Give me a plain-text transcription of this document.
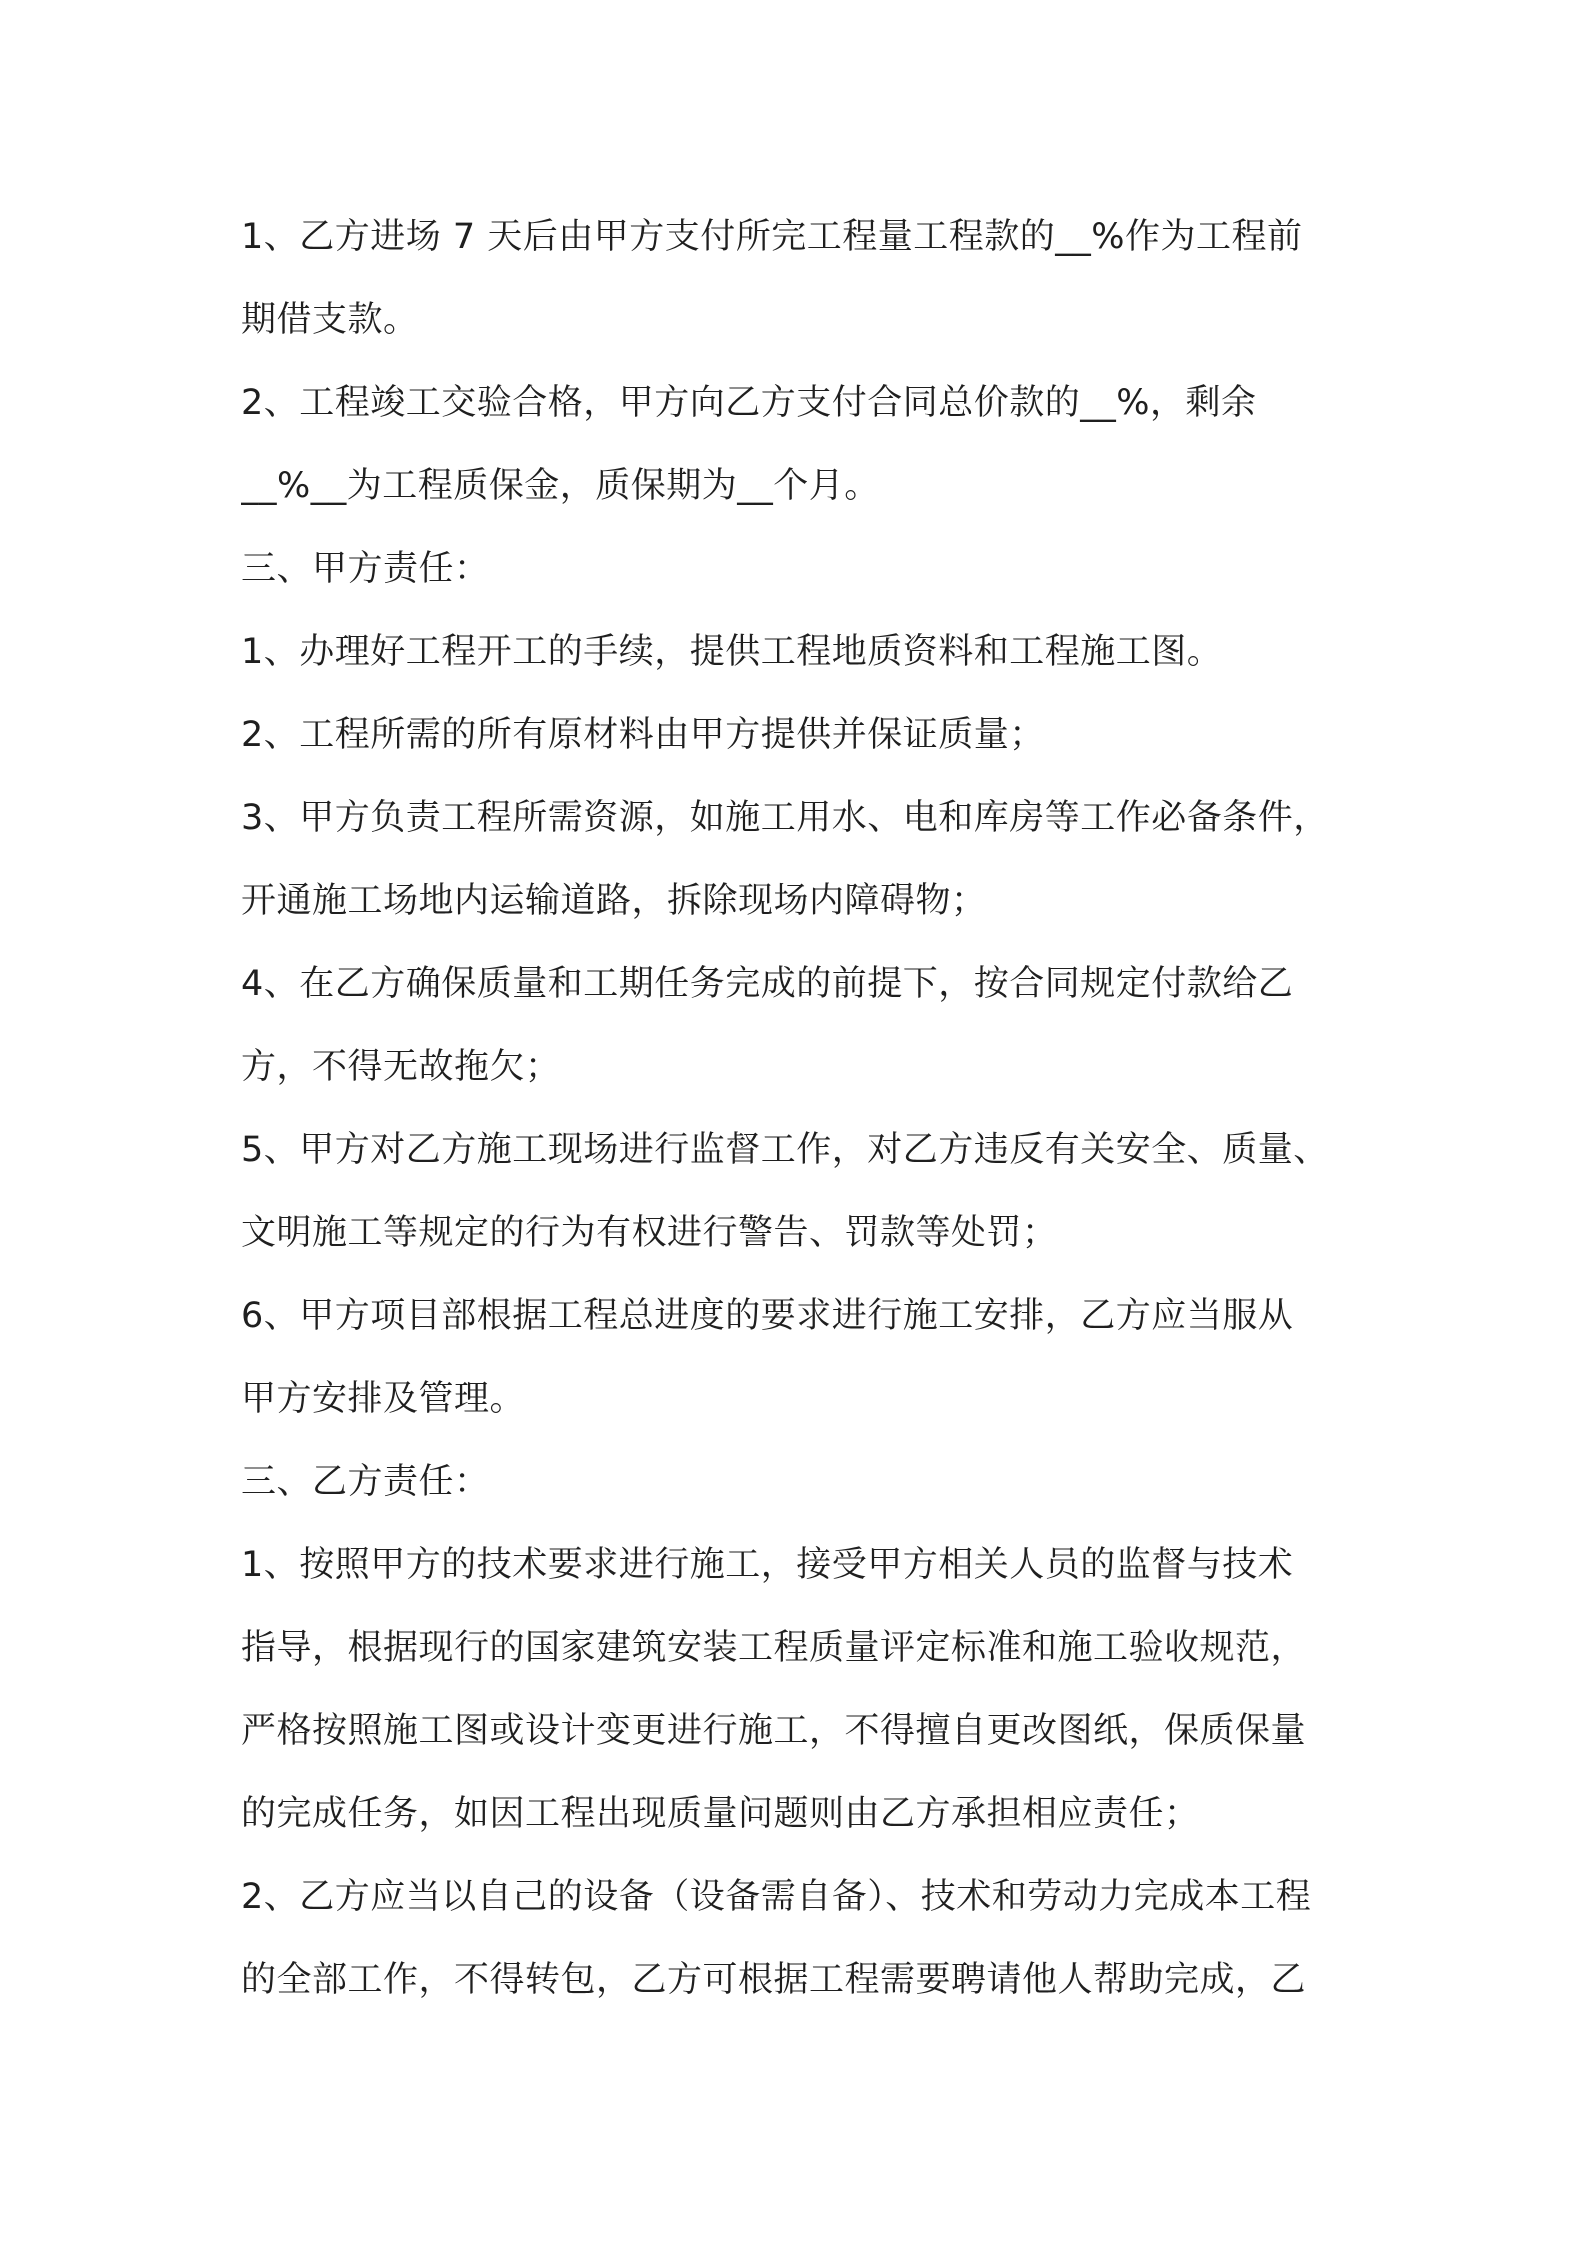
1、乙方进场 7 天后由甲方支付所完工程量工程款的__%作为工程前
期借支款。
2、工程竣工交验合格，甲方向乙方支付合同总价款的__%，剩余
__%__为工程质保金，质保期为__个月。
三、甲方责任：
1、办理好工程开工的手续，提供工程地质资料和工程施工图。
2、工程所需的所有原材料由甲方提供并保证质量；
3、甲方负责工程所需资源，如施工用水、电和库房等工作必备条件，
开通施工场地内运输道路，拆除现场内障碍物；
4、在乙方确保质量和工期任务完成的前提下，按合同规定付款给乙
方，不得无故拖欠；
5、甲方对乙方施工现场进行监督工作，对乙方违反有关安全、质量、
文明施工等规定的行为有权进行警告、罚款等处罚；
6、甲方项目部根据工程总进度的要求进行施工安排，乙方应当服从
甲方安排及管理。
三、乙方责任：
1、按照甲方的技术要求进行施工，接受甲方相关人员的监督与技术
指导，根据现行的国家建筑安装工程质量评定标准和施工验收规范，
严格按照施工图或设计变更进行施工，不得擅自更改图纸，保质保量
的完成任务，如因工程出现质量问题则由乙方承担相应责任；
2、乙方应当以自己的设备（设备需自备）、技术和劳动力完成本工程
的全部工作，不得转包，乙方可根据工程需要聘请他人帮助完成，乙
